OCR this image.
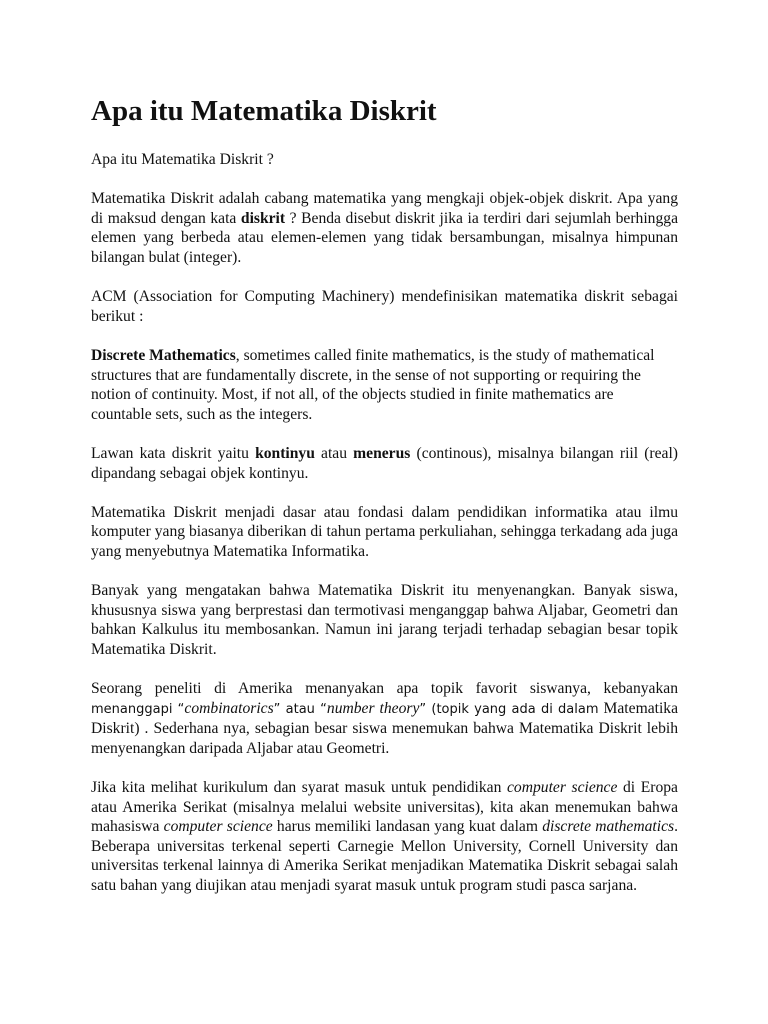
Apa itu Matematika Diskrit

Apa itu Matematika Diskrit ?

Matematika Diskrit adalah cabang matematika yang mengkaji objek-objek diskrit. Apa yang di maksud dengan kata diskrit ? Benda disebut diskrit jika ia terdiri dari sejumlah berhingga elemen yang berbeda atau elemen-elemen yang tidak bersambungan, misalnya himpunan bilangan bulat (integer).

ACM (Association for Computing Machinery) mendefinisikan matematika diskrit sebagai berikut :

Discrete Mathematics, sometimes called finite mathematics, is the study of mathematical structures that are fundamentally discrete, in the sense of not supporting or requiring the notion of continuity. Most, if not all, of the objects studied in finite mathematics are countable sets, such as the integers.

Lawan kata diskrit yaitu kontinyu atau menerus (continous), misalnya bilangan riil (real) dipandang sebagai objek kontinyu.

Matematika Diskrit menjadi dasar atau fondasi dalam pendidikan informatika atau ilmu komputer yang biasanya diberikan di tahun pertama perkuliahan, sehingga terkadang ada juga yang menyebutnya Matematika Informatika.

Banyak yang mengatakan bahwa Matematika Diskrit itu menyenangkan. Banyak siswa, khususnya siswa yang berprestasi dan termotivasi menganggap bahwa Aljabar, Geometri dan bahkan Kalkulus itu membosankan. Namun ini jarang terjadi terhadap sebagian besar topik Matematika Diskrit.

Seorang peneliti di Amerika menanyakan apa topik favorit siswanya, kebanyakan menanggapi “combinatorics” atau “number theory” (topik yang ada di dalam Matematika Diskrit) . Sederhana nya, sebagian besar siswa menemukan bahwa Matematika Diskrit lebih menyenangkan daripada Aljabar atau Geometri.

Jika kita melihat kurikulum dan syarat masuk untuk pendidikan computer science di Eropa atau Amerika Serikat (misalnya melalui website universitas), kita akan menemukan bahwa mahasiswa computer science harus memiliki landasan yang kuat dalam discrete mathematics. Beberapa universitas terkenal seperti Carnegie Mellon University, Cornell University dan universitas terkenal lainnya di Amerika Serikat menjadikan Matematika Diskrit sebagai salah satu bahan yang diujikan atau menjadi syarat masuk untuk program studi pasca sarjana.
